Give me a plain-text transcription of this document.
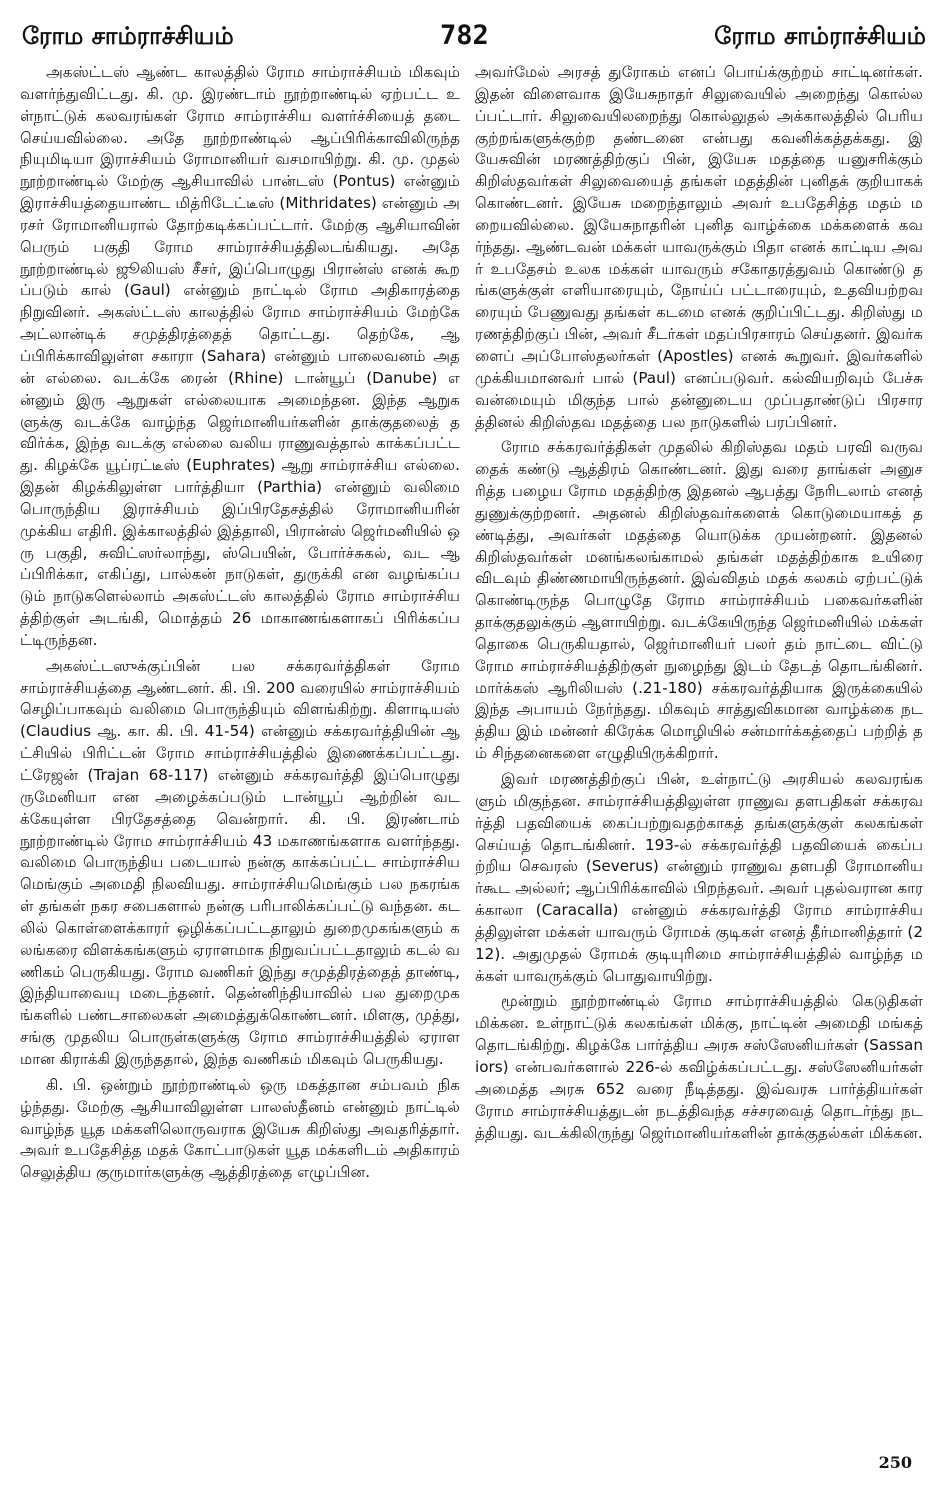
ரோம சாம்ராச்சியம்	782	ரோம சாம்ராச்சியம்

அகஸ்ட்டஸ் ஆண்ட காலத்தில் ரோம சாம்ராச்சியம் மிகவும் வளர்ந்துவிட்டது. கி. மு. இரண்டாம் நூற்றாண்டில் ஏற்பட்ட உள்நாட்டுக் கலவரங்கள் ரோம சாம்ராச்சிய வளர்ச்சியைத் தடை செய்யவில்லை. அதே நூற்றாண்டில் ஆப்பிரிக்காவிலிருந்த நியுமிடியா இராச்சியம் ரோமானியர் வசமாயிற்று. கி. மு. முதல் நூற்றாண்டில் மேற்கு ஆசியாவில் பான்டஸ் (Pontus) என்னும் இராச்சியத்தையாண்ட மித்ரிடேட்டீஸ் (Mithridates) என்னும் அரசர் ரோமானியரால் தோற்கடிக்கப்பட்டார். மேற்கு ஆசியாவின் பெரும் பகுதி ரோம சாம்ராச்சியத்திலடங்கியது. அதே நூற்றாண்டில் ஜூலியஸ் சீசர், இப்பொழுது பிரான்ஸ் எனக் கூறப்படும் கால் (Gaul) என்னும் நாட்டில் ரோம அதிகாரத்தை நிறுவினர். அகஸ்ட்டஸ் காலத்தில் ரோம சாம்ராச்சியம் மேற்கே அட்லான்டிக் சமுத்திரத்தைத் தொட்டது. தெற்கே, ஆப்பிரிக்காவிலுள்ள சகாரா (Sahara) என்னும் பாலைவனம் அதன் எல்லை. வடக்கே ரைன் (Rhine) டான்யூப் (Danube) என்னும் இரு ஆறுகள் எல்லையாக அமைந்தன. இந்த ஆறுகளுக்கு வடக்கே வாழ்ந்த ஜெர்மானியர்களின் தாக்குதலைத் தவிர்க்க, இந்த வடக்கு எல்லை வலிய ராணுவத்தால் காக்கப்பட்டது. கிழக்கே யூப்ரட்டீஸ் (Euphrates) ஆறு சாம்ராச்சிய எல்லை. இதன் கிழக்கிலுள்ள பார்த்தியா (Parthia) என்னும் வலிமை பொருந்திய இராச்சியம் இப்பிரதேசத்தில் ரோமானியரின் முக்கிய எதிரி. இக்காலத்தில் இத்தாலி, பிரான்ஸ் ஜெர்மனியில் ஒரு பகுதி, சுவிட்ஸர்லாந்து, ஸ்பெயின், போர்ச்சுகல், வட ஆப்பிரிக்கா, எகிப்து, பால்கன் நாடுகள், துருக்கி என வழங்கப்படும் நாடுகளெல்லாம் அகஸ்ட்டஸ் காலத்தில் ரோம சாம்ராச்சியத்திற்குள் அடங்கி, மொத்தம் 26 மாகாணங்களாகப் பிரிக்கப்பட்டிருந்தன.

அகஸ்ட்டஸுக்குப்பின் பல சக்கரவர்த்திகள் ரோம சாம்ராச்சியத்தை ஆண்டனர். கி. பி. 200 வரையில் சாம்ராச்சியம் செழிப்பாகவும் வலிமை பொருந்தியும் விளங்கிற்று. கிளாடியஸ் (Claudius ஆ. கா. கி. பி. 41-54) என்னும் சக்கரவர்த்தியின் ஆட்சியில் பிரிட்டன் ரோம சாம்ராச்சியத்தில் இணைக்கப்பட்டது. ட்ரேஜன் (Trajan 68-117) என்னும் சக்கரவர்த்தி இப்பொழுது ருமேனியா என அழைக்கப்படும் டான்யூப் ஆற்றின் வடக்கேயுள்ள பிரதேசத்தை வென்றார். கி. பி. இரண்டாம் நூற்றாண்டில் ரோம சாம்ராச்சியம் 43 மகாணங்களாக வளர்ந்தது. வலிமை பொருந்திய படையால் நன்கு காக்கப்பட்ட சாம்ராச்சியமெங்கும் அமைதி நிலவியது. சாம்ராச்சியமெங்கும் பல நகரங்கள் தங்கள் நகர சபைகளால் நன்கு பரிபாலிக்கப்பட்டு வந்தன. கடலில் கொள்ளைக்காரர் ஒழிக்கப்பட்டதாலும் துறைமுகங்களும் கலங்கரை விளக்கங்களும் ஏராளமாக நிறுவப்பட்டதாலும் கடல் வணிகம் பெருகியது. ரோம வணிகர் இந்து சமுத்திரத்தைத் தாண்டி, இந்தியாவையு மடைந்தனர். தென்னிந்தியாவில் பல துறைமுகங்களில் பண்டசாலைகள் அமைத்துக்கொண்டனர். மிளகு, முத்து, சங்கு முதலிய பொருள்களுக்கு ரோம சாம்ராச்சியத்தில் ஏராளமான கிராக்கி இருந்ததால், இந்த வணிகம் மிகவும் பெருகியது.

கி. பி. ஒன்றும் நூற்றாண்டில் ஒரு மகத்தான சம்பவம் நிகழ்ந்தது. மேற்கு ஆசியாவிலுள்ள பாலஸ்தீனம் என்னும் நாட்டில் வாழ்ந்த யூத மக்களிலொருவராக இயேசு கிறிஸ்து அவதரித்தார். அவர் உபதேசித்த மதக் கோட்பாடுகள் யூத மக்களிடம் அதிகாரம் செலுத்திய குருமார்களுக்கு ஆத்திரத்தை எழுப்பின.

அவர்மேல் அரசத் துரோகம் எனப் பொய்க்குற்றம் சாட்டினர்கள். இதன் விளைவாக இயேசுநாதர் சிலுவையில் அறைந்து கொல்லப்பட்டார். சிலுவையிலறைந்து கொல்லுதல் அக்காலத்தில் பெரிய குற்றங்களுக்குற்ற தண்டனை என்பது கவனிக்கத்தக்கது. இயேசுவின் மரணத்திற்குப் பின், இயேசு மதத்தை யனுசரிக்கும் கிறிஸ்தவர்கள் சிலுவையைத் தங்கள் மதத்தின் புனிதக் குறியாகக் கொண்டனர். இயேசு மறைந்தாலும் அவர் உபதேசித்த மதம் மறையவில்லை. இயேசுநாதரின் புனித வாழ்க்கை மக்களைக் கவர்ந்தது. ஆண்டவன் மக்கள் யாவருக்கும் பிதா எனக் காட்டிய அவர் உபதேசம் உலக மக்கள் யாவரும் சகோதரத்துவம் கொண்டு தங்களுக்குள் எளியாரையும், நோய்ப் பட்டாரையும், உதவியற்றவரையும் பேணுவது தங்கள் கடமை எனக் குறிப்பிட்டது. கிறிஸ்து மரணத்திற்குப் பின், அவர் சீடர்கள் மதப்பிரசாரம் செய்தனர். இவர்களைப் அப்போஸ்தலர்கள் (Apostles) எனக் கூறுவர். இவர்களில் முக்கியமானவர் பால் (Paul) எனப்படுவர். கல்வியறிவும் பேச்சு வன்மையும் மிகுந்த பால் தன்னுடைய முப்பதாண்டுப் பிரசாரத்தினல் கிறிஸ்தவ மதத்தை பல நாடுகளில் பரப்பினர்.

ரோம சக்கரவர்த்திகள் முதலில் கிறிஸ்தவ மதம் பரவி வருவதைக் கண்டு ஆத்திரம் கொண்டனர். இது வரை தாங்கள் அனுசரித்த பழைய ரோம மதத்திற்கு இதனல் ஆபத்து நேரிடலாம் எனத் துணுக்குற்றனர். அதனல் கிறிஸ்தவர்களைக் கொடுமையாகத் தண்டித்து, அவர்கள் மதத்தை யொடுக்க முயன்றனர். இதனல் கிறிஸ்தவர்கள் மனங்கலங்காமல் தங்கள் மதத்திற்காக உயிரை விடவும் திண்ணமாயிருந்தனர். இவ்விதம் மதக் கலகம் ஏற்பட்டுக் கொண்டிருந்த பொழுதே ரோம சாம்ராச்சியம் பகைவர்களின் தாக்குதலுக்கும் ஆளாயிற்று. வடக்கேயிருந்த ஜெர்மனியில் மக்கள் தொகை பெருகியதால், ஜெர்மானியர் பலர் தம் நாட்டை விட்டு ரோம சாம்ராச்சியத்திற்குள் நுழைந்து இடம் தேடத் தொடங்கினர். மார்க்கஸ் ஆரிலியஸ் (.21-180) சக்கரவர்த்தியாக இருக்கையில் இந்த அபாயம் நேர்ந்தது. மிகவும் சாத்துவிகமான வாழ்க்கை நடத்திய இம் மன்னர் கிரேக்க மொழியில் சன்மார்க்கத்தைப் பற்றித் தம் சிந்தனைகளை எழுதியிருக்கிறார்.

இவர் மரணத்திற்குப் பின், உள்நாட்டு அரசியல் கலவரங்களும் மிகுந்தன. சாம்ராச்சியத்திலுள்ள ராணுவ தளபதிகள் சக்கரவர்த்தி பதவியைக் கைப்பற்றுவதற்காகத் தங்களுக்குள் கலகங்கள் செய்யத் தொடங்கினர். 193-ல் சக்கரவர்த்தி பதவியைக் கைப்பற்றிய செவரஸ் (Severus) என்னும் ராணுவ தளபதி ரோமானியர்கூட அல்லர்; ஆப்பிரிக்காவில் பிறந்தவர். அவர் புதல்வரான காரக்காலா (Caracalla) என்னும் சக்கரவர்த்தி ரோம சாம்ராச்சியத்திலுள்ள மக்கள் யாவரும் ரோமக் குடிகள் எனத் தீர்மானித்தார் (212). அதுமுதல் ரோமக் குடியுரிமை சாம்ராச்சியத்தில் வாழ்ந்த மக்கள் யாவருக்கும் பொதுவாயிற்று.

மூன்றும் நூற்றாண்டில் ரோம சாம்ராச்சியத்தில் கெடுதிகள் மிக்கன. உள்நாட்டுக் கலகங்கள் மிக்கு, நாட்டின் அமைதி மங்கத் தொடங்கிற்று. கிழக்கே பார்த்திய அரசு சஸ்ஸேனியர்கள் (Sassaniors) என்பவர்களால் 226-ல் கவிழ்க்கப்பட்டது. சஸ்ஸேனியர்கள் அமைத்த அரசு 652 வரை நீடித்தது. இவ்வரசு பார்த்தியர்கள் ரோம சாம்ராச்சியத்துடன் நடத்திவந்த சச்சரவைத் தொடர்ந்து நடத்தியது. வடக்கிலிருந்து ஜெர்மானியர்களின் தாக்குதல்கள் மிக்கன.

250
